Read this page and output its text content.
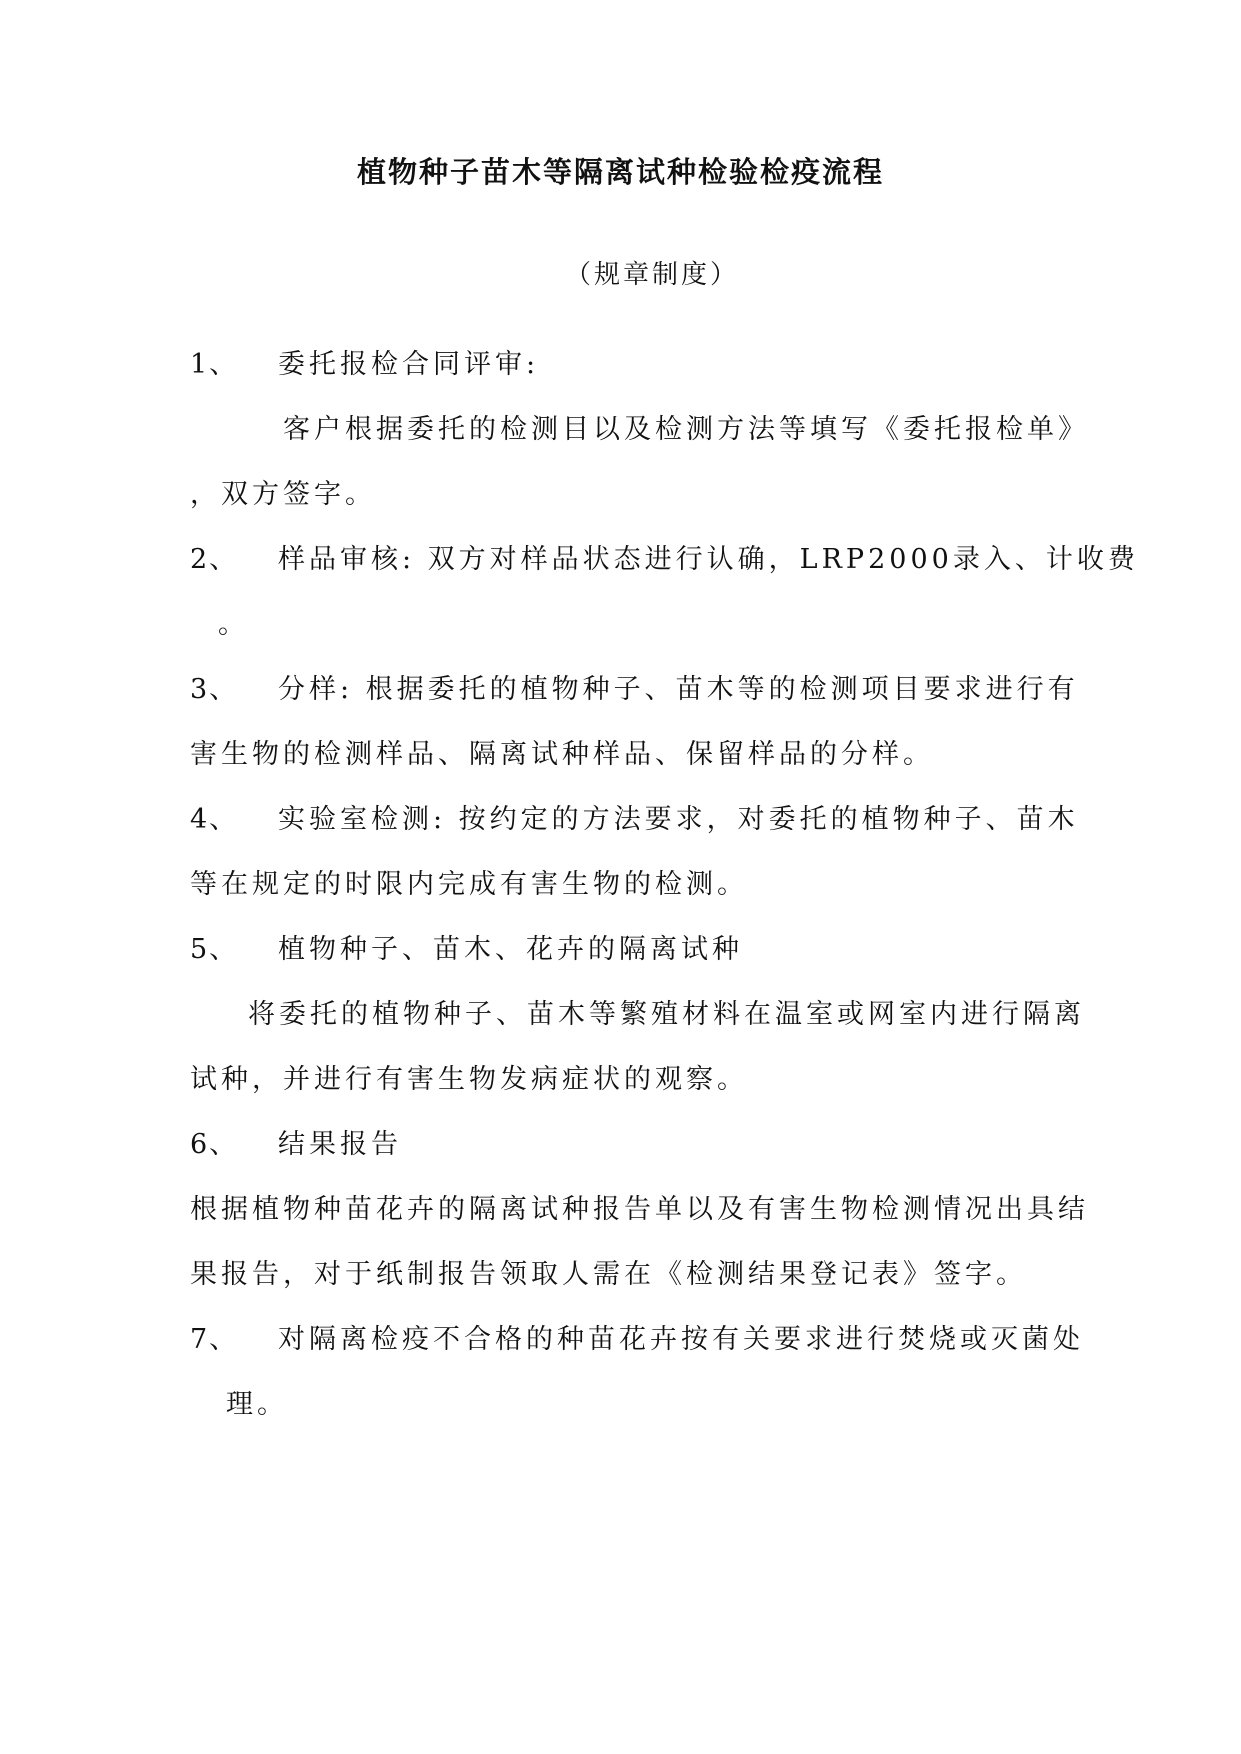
植物种子苗木等隔离试种检验检疫流程
（规章制度）
1、 委托报检合同评审:
客户根据委托的检测目以及检测方法等填写《委托报检单》
，双方签字。
2、 样品审核: 双方对样品状态进行认确，LRP2000录入、计收费
。
3、 分样: 根据委托的植物种子、苗木等的检测项目要求进行有
害生物的检测样品、隔离试种样品、保留样品的分样。
4、 实验室检测: 按约定的方法要求，对委托的植物种子、苗木
等在规定的时限内完成有害生物的检测。
5、 植物种子、苗木、花卉的隔离试种
将委托的植物种子、苗木等繁殖材料在温室或网室内进行隔离
试种，并进行有害生物发病症状的观察。
6、 结果报告
根据植物种苗花卉的隔离试种报告单以及有害生物检测情况出具结
果报告，对于纸制报告领取人需在《检测结果登记表》签字。
7、 对隔离检疫不合格的种苗花卉按有关要求进行焚烧或灭菌处
理。
